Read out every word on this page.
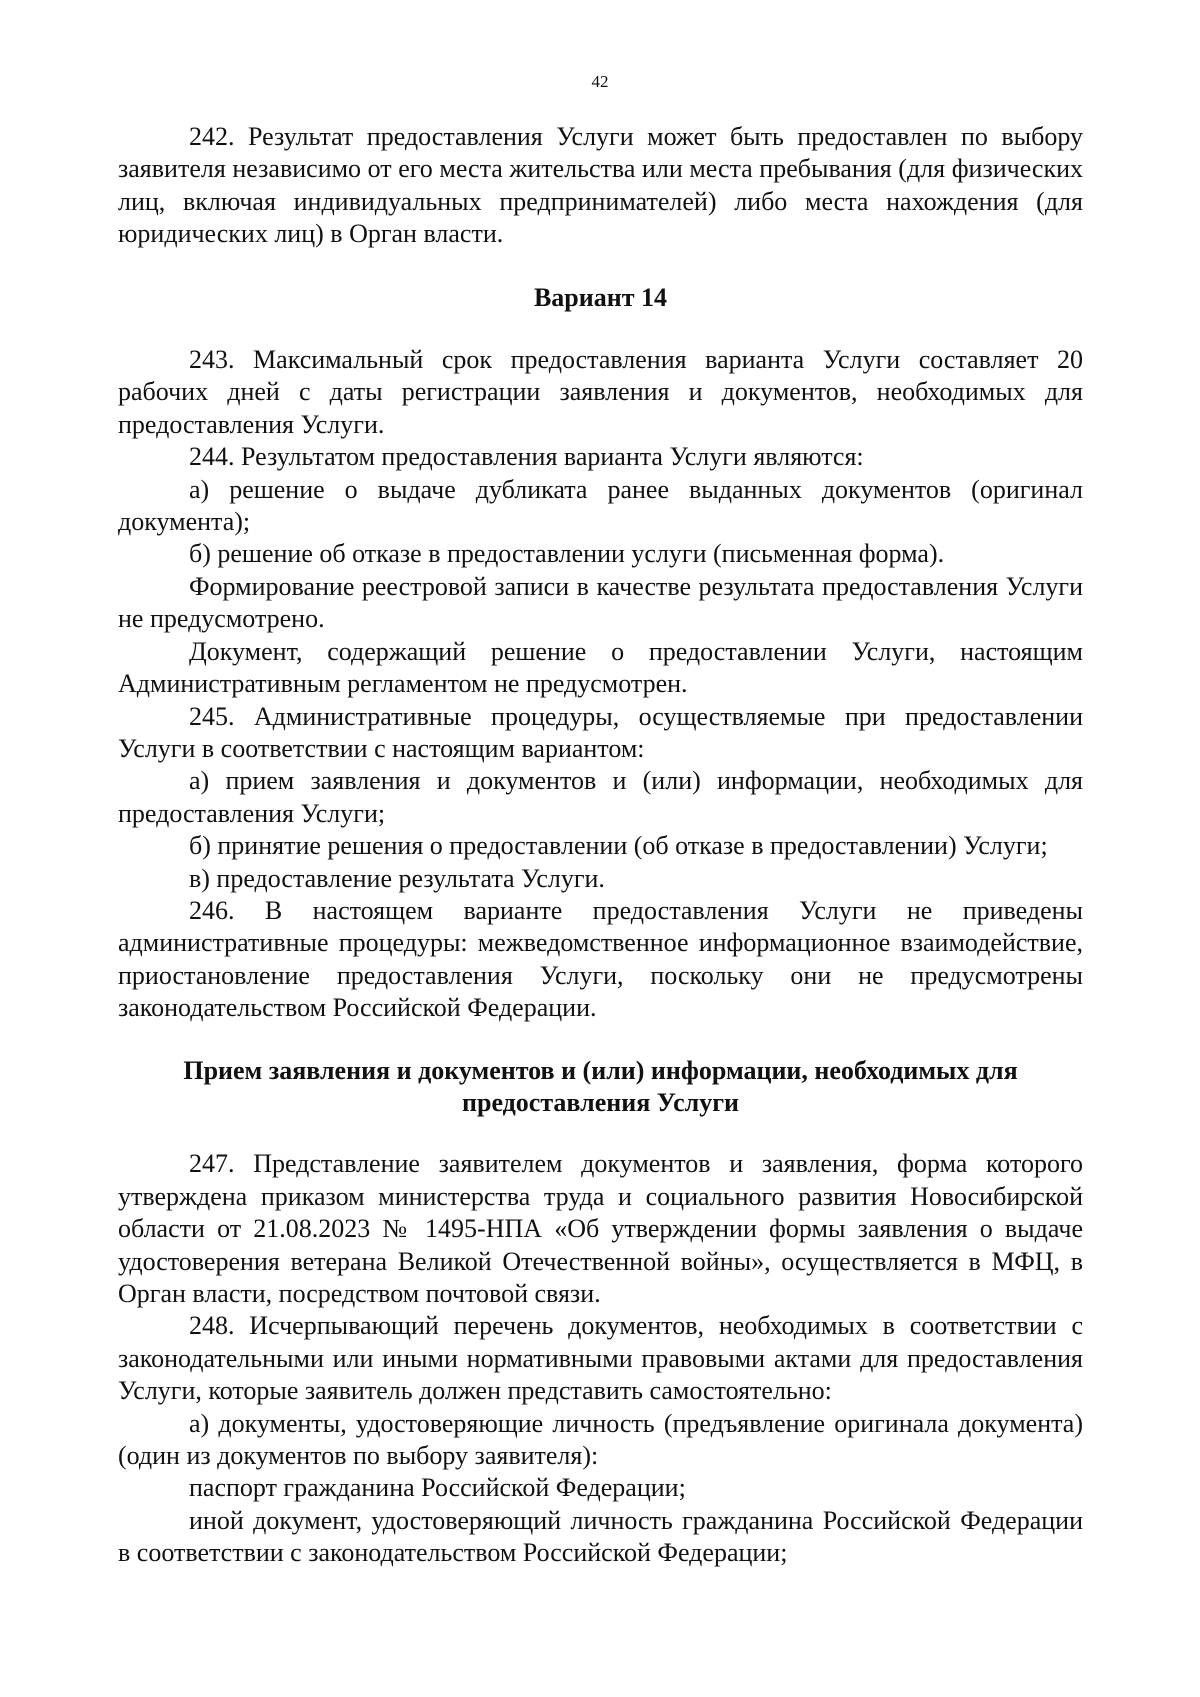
42

242. Результат предоставления Услуги может быть предоставлен по выбору заявителя независимо от его места жительства или места пребывания (для физических лиц, включая индивидуальных предпринимателей) либо места нахождения (для юридических лиц) в Орган власти.

Вариант 14

243. Максимальный срок предоставления варианта Услуги составляет 20 рабочих дней с даты регистрации заявления и документов, необходимых для предоставления Услуги.

244. Результатом предоставления варианта Услуги являются:

а) решение о выдаче дубликата ранее выданных документов (оригинал документа);

б) решение об отказе в предоставлении услуги (письменная форма).

Формирование реестровой записи в качестве результата предоставления Услуги не предусмотрено.

Документ, содержащий решение о предоставлении Услуги, настоящим Административным регламентом не предусмотрен.

245. Административные процедуры, осуществляемые при предоставлении Услуги в соответствии с настоящим вариантом:

а) прием заявления и документов и (или) информации, необходимых для предоставления Услуги;

б) принятие решения о предоставлении (об отказе в предоставлении) Услуги;

в) предоставление результата Услуги.

246. В настоящем варианте предоставления Услуги не приведены административные процедуры: межведомственное информационное взаимодействие, приостановление предоставления Услуги, поскольку они не предусмотрены законодательством Российской Федерации.

Прием заявления и документов и (или) информации, необходимых для

предоставления Услуги

247. Представление заявителем документов и заявления, форма которого утверждена приказом министерства труда и социального развития Новосибирской области от 21.08.2023 № 1495-НПА «Об утверждении формы заявления о выдаче удостоверения ветерана Великой Отечественной войны», осуществляется в МФЦ, в Орган власти, посредством почтовой связи.

248. Исчерпывающий перечень документов, необходимых в соответствии с законодательными или иными нормативными правовыми актами для предоставления Услуги, которые заявитель должен представить самостоятельно:

а) документы, удостоверяющие личность (предъявление оригинала документа) (один из документов по выбору заявителя):

паспорт гражданина Российской Федерации;

иной документ, удостоверяющий личность гражданина Российской Федерации в соответствии с законодательством Российской Федерации;
